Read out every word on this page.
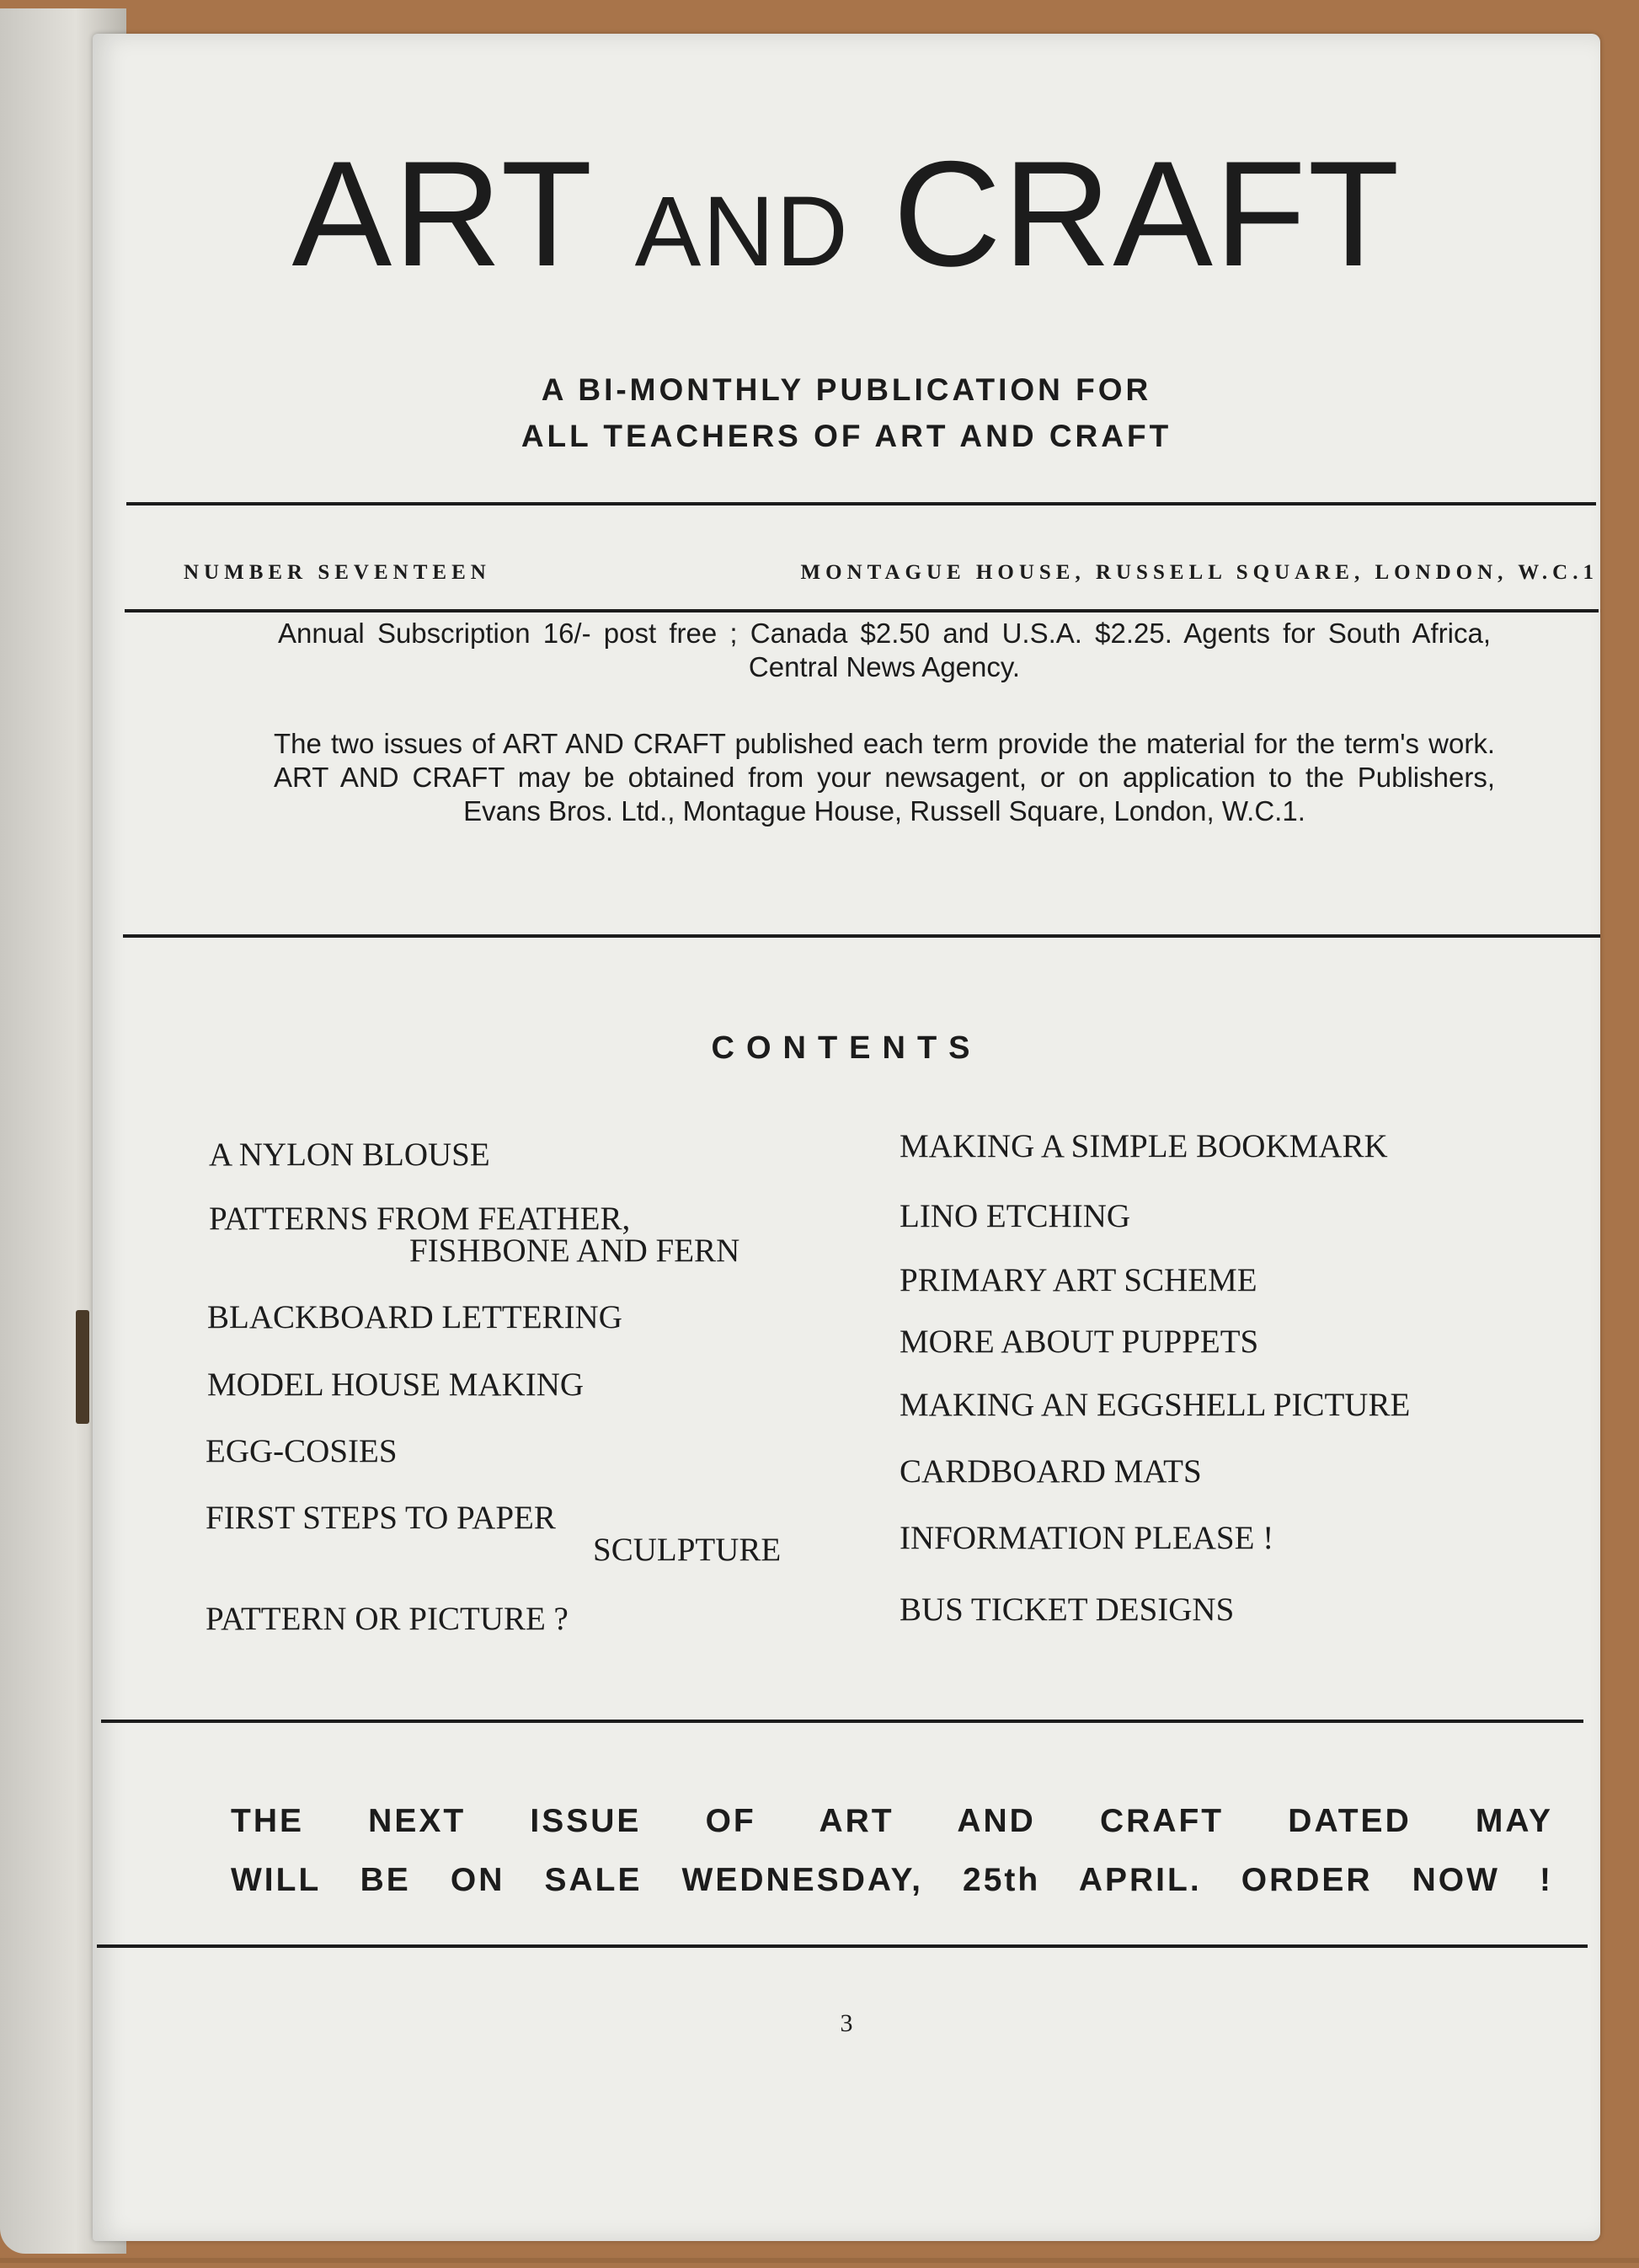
ART AND CRAFT
A BI-MONTHLY PUBLICATION FOR
ALL TEACHERS OF ART AND CRAFT
NUMBER SEVENTEEN	MONTAGUE HOUSE, RUSSELL SQUARE, LONDON, W.C.1
Annual Subscription 16/- post free ; Canada $2.50 and U.S.A. $2.25. Agents for South Africa, Central News Agency.
The two issues of ART AND CRAFT published each term provide the material for the term's work. ART AND CRAFT may be obtained from your newsagent, or on application to the Publishers, Evans Bros. Ltd., Montague House, Russell Square, London, W.C.1.
CONTENTS
A NYLON BLOUSE
PATTERNS FROM FEATHER,
FISHBONE AND FERN
BLACKBOARD LETTERING
MODEL HOUSE MAKING
EGG-COSIES
FIRST STEPS TO PAPER
SCULPTURE
PATTERN OR PICTURE ?
MAKING A SIMPLE BOOKMARK
LINO ETCHING
PRIMARY ART SCHEME
MORE ABOUT PUPPETS
MAKING AN EGGSHELL PICTURE
CARDBOARD MATS
INFORMATION PLEASE !
BUS TICKET DESIGNS
THE NEXT ISSUE OF ART AND CRAFT DATED MAY
WILL BE ON SALE WEDNESDAY, 25th APRIL. ORDER NOW !
3
